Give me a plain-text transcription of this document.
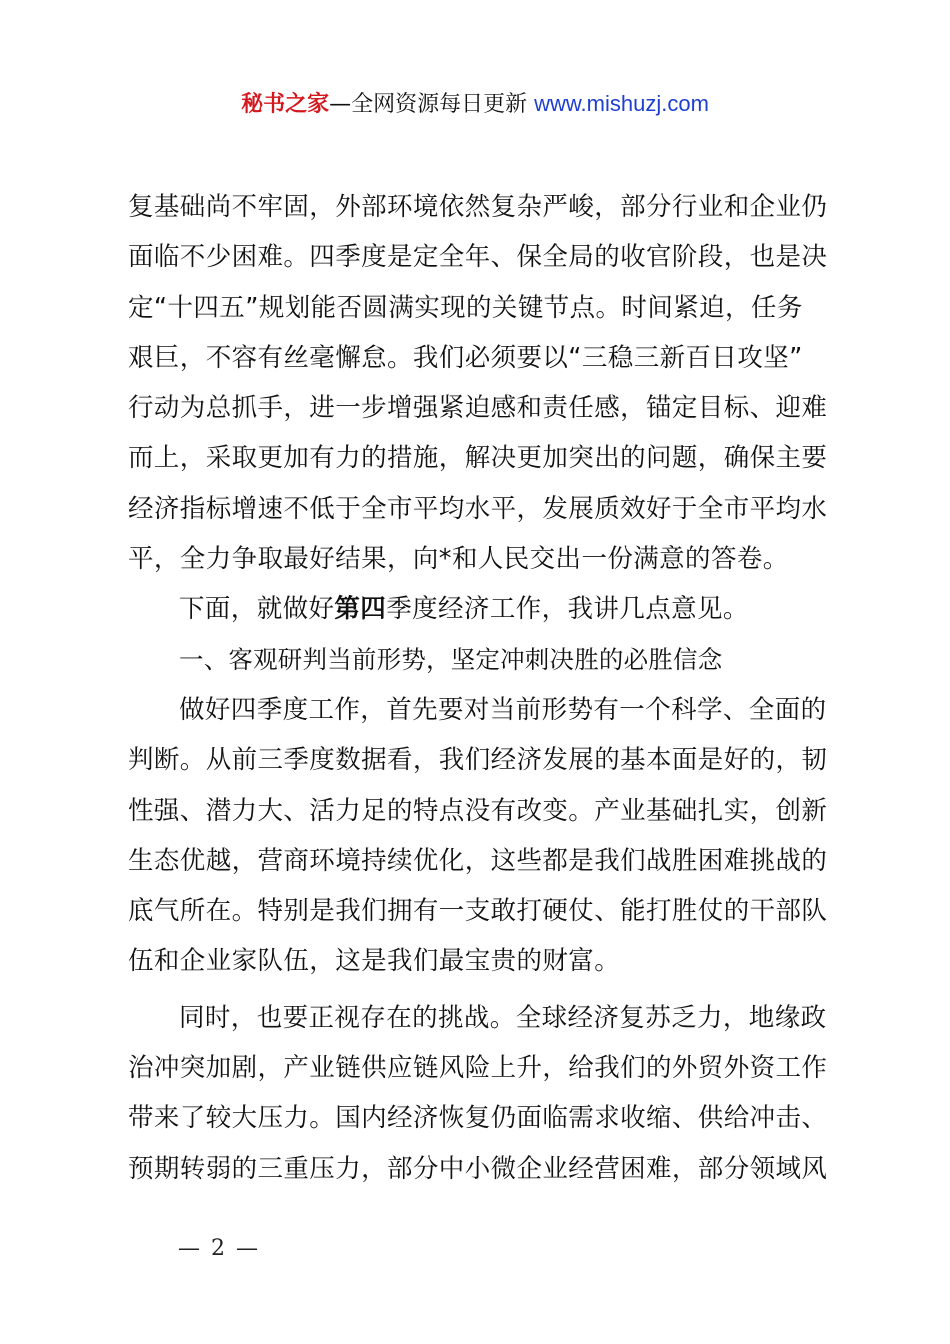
秘书之家—全网资源每日更新 www.mishuzj.com
复基础尚不牢固，外部环境依然复杂严峻，部分行业和企业仍
面临不少困难。四季度是定全年、保全局的收官阶段，也是决
定“十四五”规划能否圆满实现的关键节点。时间紧迫，任务
艰巨，不容有丝毫懈怠。我们必须要以“三稳三新百日攻坚”
行动为总抓手，进一步增强紧迫感和责任感，锚定目标、迎难
而上，采取更加有力的措施，解决更加突出的问题，确保主要
经济指标增速不低于全市平均水平，发展质效好于全市平均水
平，全力争取最好结果，向*和人民交出一份满意的答卷。
下面，就做好第四季度经济工作，我讲几点意见。
一、客观研判当前形势，坚定冲刺决胜的必胜信念
做好四季度工作，首先要对当前形势有一个科学、全面的
判断。从前三季度数据看，我们经济发展的基本面是好的，韧
性强、潜力大、活力足的特点没有改变。产业基础扎实，创新
生态优越，营商环境持续优化，这些都是我们战胜困难挑战的
底气所在。特别是我们拥有一支敢打硬仗、能打胜仗的干部队
伍和企业家队伍，这是我们最宝贵的财富。
同时，也要正视存在的挑战。全球经济复苏乏力，地缘政
治冲突加剧，产业链供应链风险上升，给我们的外贸外资工作
带来了较大压力。国内经济恢复仍面临需求收缩、供给冲击、
预期转弱的三重压力，部分中小微企业经营困难，部分领域风
— 2 —
